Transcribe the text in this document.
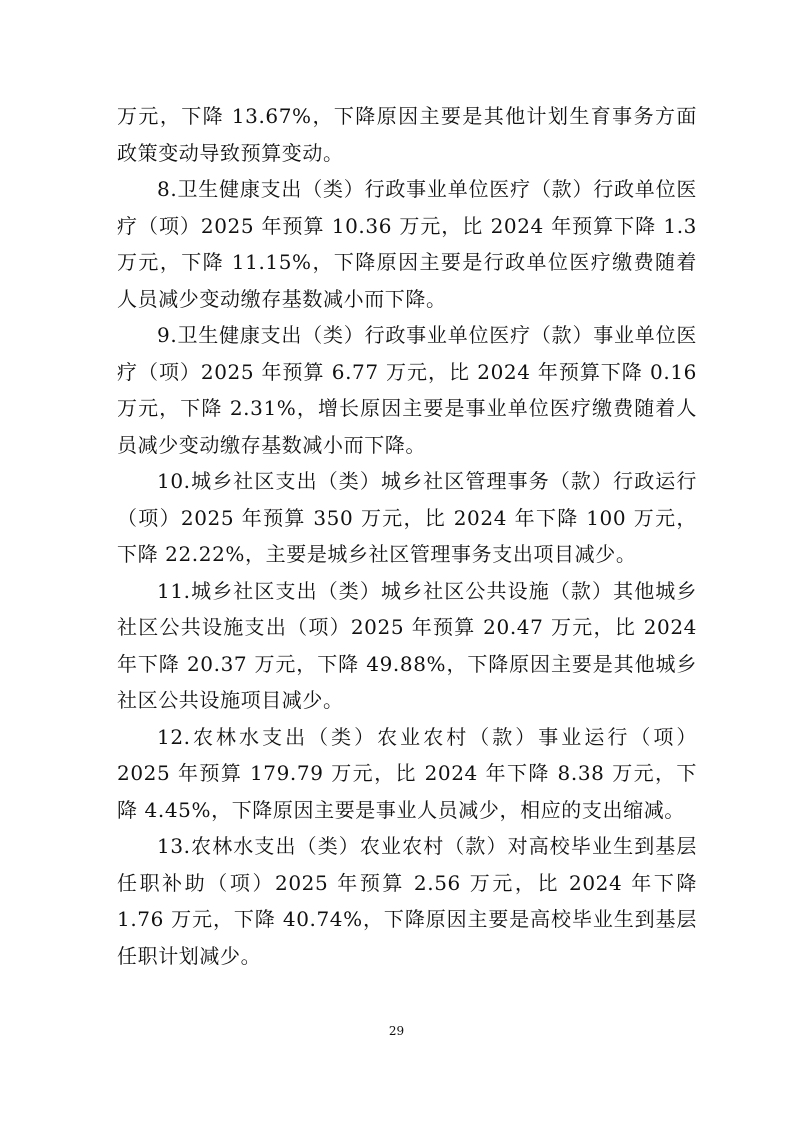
万元，下降 13.67%，下降原因主要是其他计划生育事务方面政策变动导致预算变动。

8.卫生健康支出（类）行政事业单位医疗（款）行政单位医疗（项）2025 年预算 10.36 万元，比 2024 年预算下降 1.3 万元，下降 11.15%，下降原因主要是行政单位医疗缴费随着人员减少变动缴存基数减小而下降。

9.卫生健康支出（类）行政事业单位医疗（款）事业单位医疗（项）2025 年预算 6.77 万元，比 2024 年预算下降 0.16 万元，下降 2.31%，增长原因主要是事业单位医疗缴费随着人员减少变动缴存基数减小而下降。

10.城乡社区支出（类）城乡社区管理事务（款）行政运行（项）2025 年预算 350 万元，比 2024 年下降 100 万元，下降 22.22%，主要是城乡社区管理事务支出项目减少。

11.城乡社区支出（类）城乡社区公共设施（款）其他城乡社区公共设施支出（项）2025 年预算 20.47 万元，比 2024 年下降 20.37 万元，下降 49.88%，下降原因主要是其他城乡社区公共设施项目减少。

12.农林水支出（类）农业农村（款）事业运行（项）2025 年预算 179.79 万元，比 2024 年下降 8.38 万元，下降 4.45%，下降原因主要是事业人员减少，相应的支出缩减。

13.农林水支出（类）农业农村（款）对高校毕业生到基层任职补助（项）2025 年预算 2.56 万元，比 2024 年下降 1.76 万元，下降 40.74%，下降原因主要是高校毕业生到基层任职计划减少。

29
